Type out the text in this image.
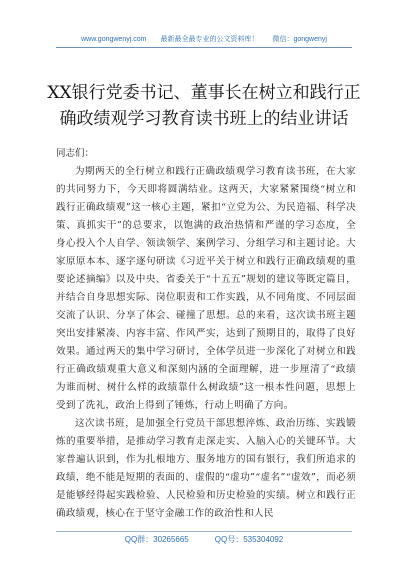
www.gongwenyj.com 最新最全最专业的公文资料库！ 微信：gongwenyj
XX银行党委书记、董事长在树立和践行正
确政绩观学习教育读书班上的结业讲话
同志们：

为期两天的全行树立和践行正确政绩观学习教育读书班，在大家的共同努力下，今天即将圆满结业。这两天，大家紧紧围绕“树立和践行正确政绩观”这一核心主题，紧扣“立党为公、为民造福、科学决策、真抓实干”的总要求，以饱满的政治热情和严谨的学习态度，全身心投入个人自学、领读领学、案例学习、分组学习和主题讨论。大家原原本本、逐字逐句研读《习近平关于树立和践行正确政绩观的重要论述摘编》以及中央、省委关于“十五五”规划的建议等既定篇目，并结合自身思想实际、岗位职责和工作实践，从不同角度、不同层面交流了认识、分享了体会、碰撞了思想。总的来看，这次读书班主题突出安排紧凑、内容丰富、作风严实，达到了预期目的，取得了良好效果。通过两天的集中学习研讨，全体学员进一步深化了对树立和践行正确政绩观重大意义和深刻内涵的全面理解，进一步厘清了“政绩为谁而树、树什么样的政绩靠什么树政绩”这一根本性问题，思想上受到了洗礼，政治上得到了锤炼，行动上明确了方向。

这次读书班，是加强全行党员干部思想淬炼、政治历练、实践锻炼的重要举措，是推动学习教育走深走实、入脑入心的关键环节。大家普遍认识到，作为扎根地方、服务地方的国有银行，我们所追求的政绩，绝不能是短期的表面的、虚假的“虚功”“虚名”“虚效”，而必须是能够经得起实践检验、人民检验和历史检验的实绩。树立和践行正确政绩观，核心在于坚守金融工作的政治性和人民

QQ群：30265665	QQ号：535304092
